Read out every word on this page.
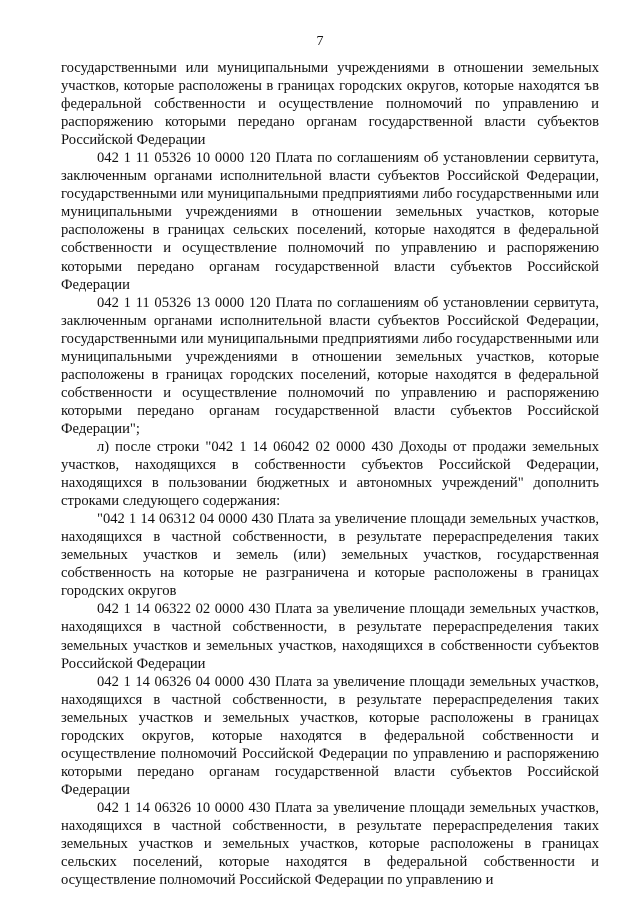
7

государственными или муниципальными учреждениями в отношении земельных участков, которые расположены в границах городских округов, которые находятся ъв федеральной собственности и осуществление полномочий по управлению и распоряжению которыми передано органам государственной власти субъектов Российской Федерации

042 1 11 05326 10 0000 120 Плата по соглашениям об установлении сервитута, заключенным органами исполнительной власти субъектов Российской Федерации, государственными или муниципальными предприятиями либо государственными или муниципальными учреждениями в отношении земельных участков, которые расположены в границах сельских поселений, которые находятся в федеральной собственности и осуществление полномочий по управлению и распоряжению которыми передано органам государственной власти субъектов Российской Федерации

042 1 11 05326 13 0000 120 Плата по соглашениям об установлении сервитута, заключенным органами исполнительной власти субъектов Российской Федерации, государственными или муниципальными предприятиями либо государственными или муниципальными учреждениями в отношении земельных участков, которые расположены в границах городских поселений, которые находятся в федеральной собственности и осуществление полномочий по управлению и распоряжению которыми передано органам государственной власти субъектов Российской Федерации";

л) после строки "042 1 14 06042 02 0000 430 Доходы от продажи земельных участков, находящихся в собственности субъектов Российской Федерации, находящихся в пользовании бюджетных и автономных учреждений" дополнить строками следующего содержания:

"042 1 14 06312 04 0000 430 Плата за увеличение площади земельных участков, находящихся в частной собственности, в результате перераспределения таких земельных участков и земель (или) земельных участков, государственная собственность на которые не разграничена и которые расположены в границах городских округов

042 1 14 06322 02 0000 430 Плата за увеличение площади земельных участков, находящихся в частной собственности, в результате перераспределения таких земельных участков и земельных участков, находящихся в собственности субъектов Российской Федерации

042 1 14 06326 04 0000 430 Плата за увеличение площади земельных участков, находящихся в частной собственности, в результате перераспределения таких земельных участков и земельных участков, которые расположены в границах городских округов, которые находятся в федеральной собственности и осуществление полномочий Российской Федерации по управлению и распоряжению которыми передано органам государственной власти субъектов Российской Федерации

042 1 14 06326 10 0000 430 Плата за увеличение площади земельных участков, находящихся в частной собственности, в результате перераспределения таких земельных участков и земельных участков, которые расположены в границах сельских поселений, которые находятся в федеральной собственности и осуществление полномочий Российской Федерации по управлению и
